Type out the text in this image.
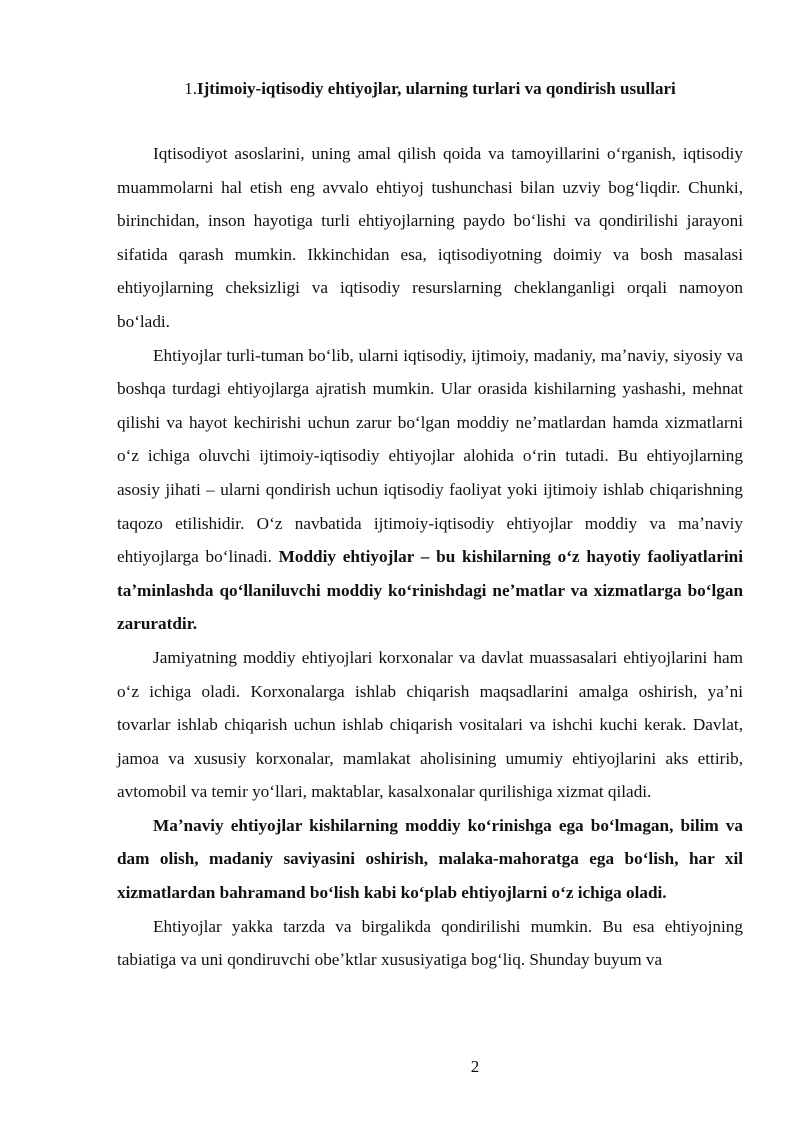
1.Ijtimoiy-iqtisodiy ehtiyojlar, ularning turlari va qondirish usullari

Iqtisodiyot asoslarini, uning amal qilish qoida va tamoyillarini oʻrganish, iqtisodiy muammolarni hal etish eng avvalo ehtiyoj tushunchasi bilan uzviy bogʻliqdir. Chunki, birinchidan, inson hayotiga turli ehtiyojlarning paydo boʻlishi va qondirilishi jarayoni sifatida qarash mumkin. Ikkinchidan esa, iqtisodiyotning doimiy va bosh masalasi ehtiyojlarning cheksizligi va iqtisodiy resurslarning cheklanganligi orqali namoyon boʻladi.

Ehtiyojlar turli-tuman boʻlib, ularni iqtisodiy, ijtimoiy, madaniy, maʼnaviy, siyosiy va boshqa turdagi ehtiyojlarga ajratish mumkin. Ular orasida kishilarning yashashi, mehnat qilishi va hayot kechirishi uchun zarur boʻlgan moddiy neʼmatlardan hamda xizmatlarni oʻz ichiga oluvchi ijtimoiy-iqtisodiy ehtiyojlar alohida oʻrin tutadi. Bu ehtiyojlarning asosiy jihati – ularni qondirish uchun iqtisodiy faoliyat yoki ijtimoiy ishlab chiqarishning taqozo etilishidir. Oʻz navbatida ijtimoiy-iqtisodiy ehtiyojlar moddiy va maʼnaviy ehtiyojlarga boʻlinadi. Moddiy ehtiyojlar – bu kishilarning oʻz hayotiy faoliyatlarini taʼminlashda qoʻllaniluvchi moddiy koʻrinishdagi neʼmatlar va xizmatlarga boʻlgan zaruratdir.

Jamiyatning moddiy ehtiyojlari korxonalar va davlat muassasalari ehtiyojlarini ham oʻz ichiga oladi. Korxonalarga ishlab chiqarish maqsadlarini amalga oshirish, yaʼni tovarlar ishlab chiqarish uchun ishlab chiqarish vositalari va ishchi kuchi kerak. Davlat, jamoa va xususiy korxonalar, mamlakat aholisining umumiy ehtiyojlarini aks ettirib, avtomobil va temir yoʻllari, maktablar, kasalxonalar qurilishiga xizmat qiladi.

Maʼnaviy ehtiyojlar kishilarning moddiy koʻrinishga ega boʻlmagan, bilim va dam olish, madaniy saviyasini oshirish, malaka-mahoratga ega boʻlish, har xil xizmatlardan bahramand boʻlish kabi koʻplab ehtiyojlarni oʻz ichiga oladi.

Ehtiyojlar yakka tarzda va birgalikda qondirilishi mumkin. Bu esa ehtiyojning tabiatiga va uni qondiruvchi obeʼktlar xususiyatiga bogʻliq. Shunday buyum va

2
